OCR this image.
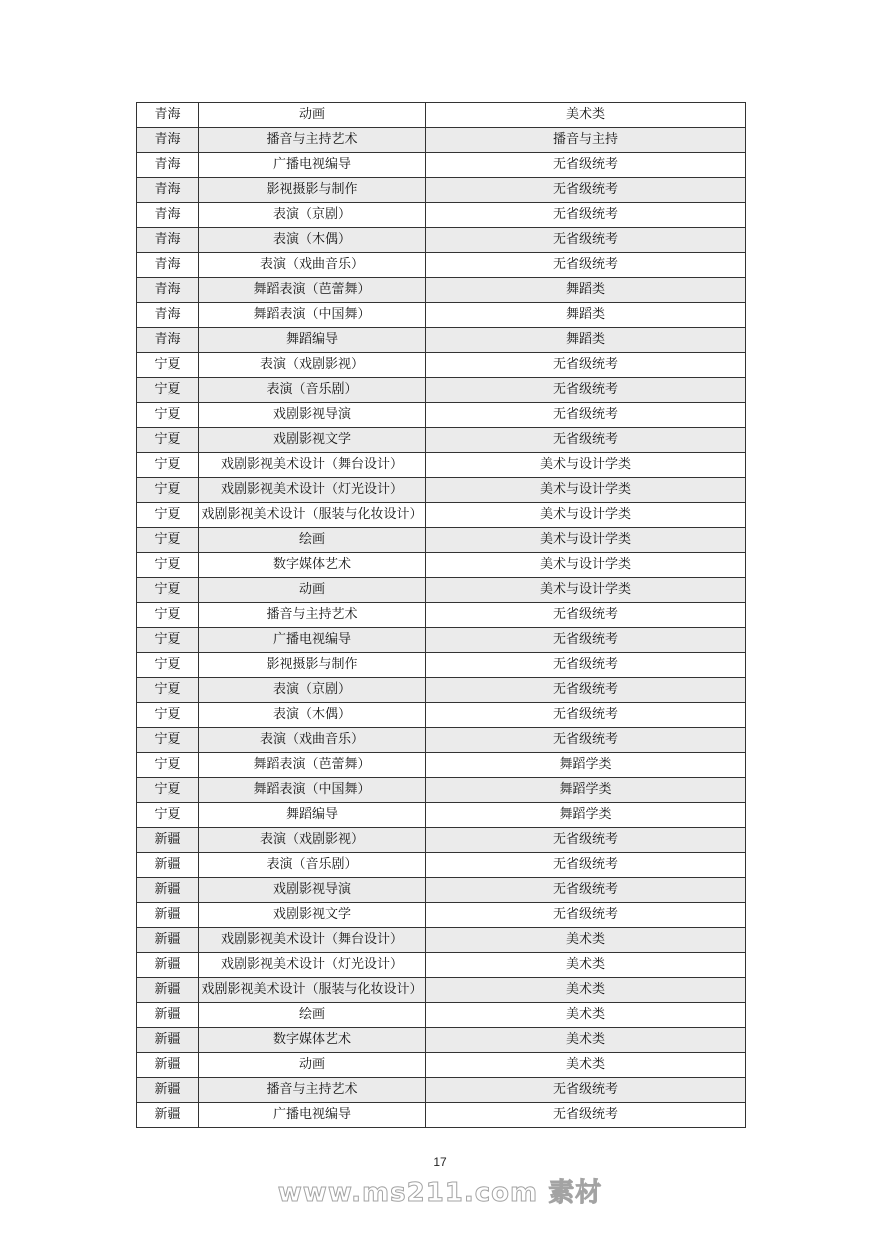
青海	动画	美术类
青海	播音与主持艺术	播音与主持
青海	广播电视编导	无省级统考
青海	影视摄影与制作	无省级统考
青海	表演（京剧）	无省级统考
青海	表演（木偶）	无省级统考
青海	表演（戏曲音乐）	无省级统考
青海	舞蹈表演（芭蕾舞）	舞蹈类
青海	舞蹈表演（中国舞）	舞蹈类
青海	舞蹈编导	舞蹈类
宁夏	表演（戏剧影视）	无省级统考
宁夏	表演（音乐剧）	无省级统考
宁夏	戏剧影视导演	无省级统考
宁夏	戏剧影视文学	无省级统考
宁夏	戏剧影视美术设计（舞台设计）	美术与设计学类
宁夏	戏剧影视美术设计（灯光设计）	美术与设计学类
宁夏	戏剧影视美术设计（服装与化妆设计）	美术与设计学类
宁夏	绘画	美术与设计学类
宁夏	数字媒体艺术	美术与设计学类
宁夏	动画	美术与设计学类
宁夏	播音与主持艺术	无省级统考
宁夏	广播电视编导	无省级统考
宁夏	影视摄影与制作	无省级统考
宁夏	表演（京剧）	无省级统考
宁夏	表演（木偶）	无省级统考
宁夏	表演（戏曲音乐）	无省级统考
宁夏	舞蹈表演（芭蕾舞）	舞蹈学类
宁夏	舞蹈表演（中国舞）	舞蹈学类
宁夏	舞蹈编导	舞蹈学类
新疆	表演（戏剧影视）	无省级统考
新疆	表演（音乐剧）	无省级统考
新疆	戏剧影视导演	无省级统考
新疆	戏剧影视文学	无省级统考
新疆	戏剧影视美术设计（舞台设计）	美术类
新疆	戏剧影视美术设计（灯光设计）	美术类
新疆	戏剧影视美术设计（服装与化妆设计）	美术类
新疆	绘画	美术类
新疆	数字媒体艺术	美术类
新疆	动画	美术类
新疆	播音与主持艺术	无省级统考
新疆	广播电视编导	无省级统考
17
www.ms211.com 素材
